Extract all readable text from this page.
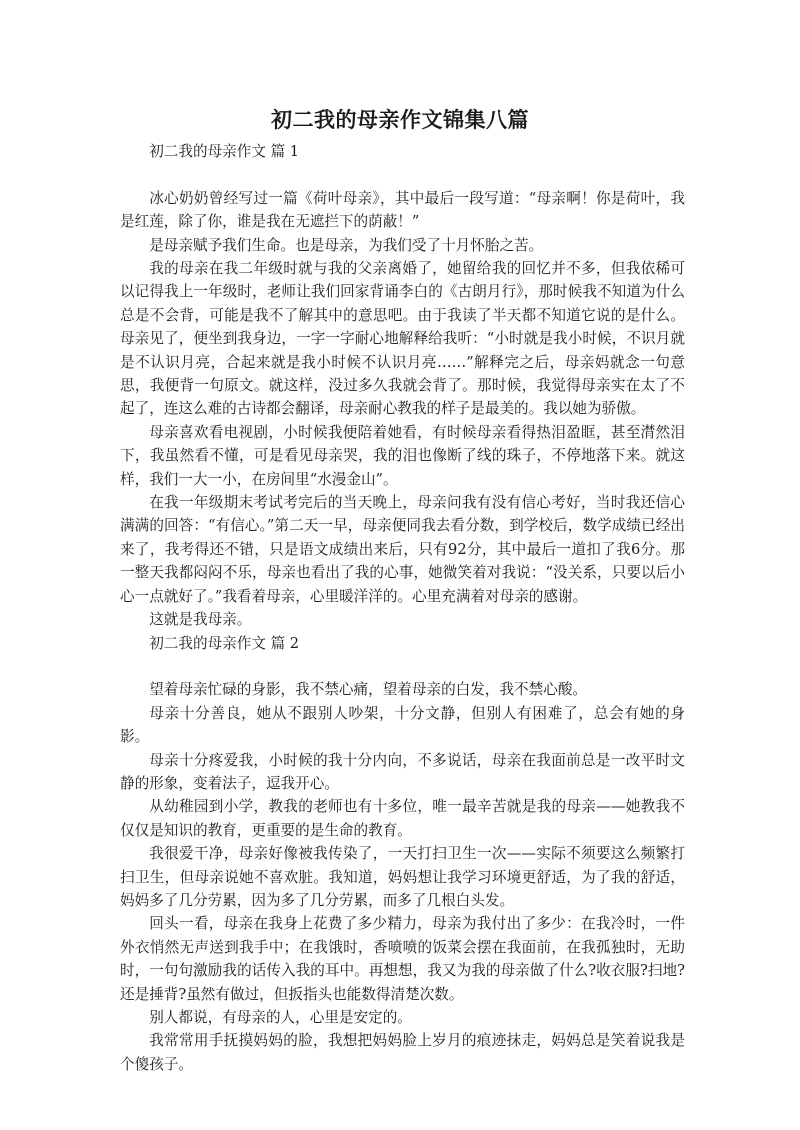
初二我的母亲作文锦集八篇

初二我的母亲作文 篇 1

冰心奶奶曾经写过一篇《荷叶母亲》，其中最后一段写道：“母亲啊！你是荷叶，我是红莲，除了你，谁是我在无遮拦下的荫蔽！”

是母亲赋予我们生命。也是母亲，为我们受了十月怀胎之苦。

我的母亲在我二年级时就与我的父亲离婚了，她留给我的回忆并不多，但我依稀可以记得我上一年级时，老师让我们回家背诵李白的《古朗月行》，那时候我不知道为什么总是不会背，可能是我不了解其中的意思吧。由于我读了半天都不知道它说的是什么。母亲见了，便坐到我身边，一字一字耐心地解释给我听：“小时就是我小时候，不识月就是不认识月亮，合起来就是我小时候不认识月亮……”解释完之后，母亲妈就念一句意思，我便背一句原文。就这样，没过多久我就会背了。那时候，我觉得母亲实在太了不起了，连这么难的古诗都会翻译，母亲耐心教我的样子是最美的。我以她为骄傲。

母亲喜欢看电视剧，小时候我便陪着她看，有时候母亲看得热泪盈眶，甚至潸然泪下，我虽然看不懂，可是看见母亲哭，我的泪也像断了线的珠子，不停地落下来。就这样，我们一大一小，在房间里“水漫金山”。

在我一年级期末考试考完后的当天晚上，母亲问我有没有信心考好，当时我还信心满满的回答：“有信心。”第二天一早，母亲便同我去看分数，到学校后，数学成绩已经出来了，我考得还不错，只是语文成绩出来后，只有92分，其中最后一道扣了我6分。那一整天我都闷闷不乐，母亲也看出了我的心事，她微笑着对我说：“没关系，只要以后小心一点就好了。”我看着母亲，心里暖洋洋的。心里充满着对母亲的感谢。

这就是我母亲。

初二我的母亲作文 篇 2

望着母亲忙碌的身影，我不禁心痛，望着母亲的白发，我不禁心酸。

母亲十分善良，她从不跟别人吵架，十分文静，但别人有困难了，总会有她的身影。

母亲十分疼爱我，小时候的我十分内向，不多说话，母亲在我面前总是一改平时文静的形象，变着法子，逗我开心。

从幼稚园到小学，教我的老师也有十多位，唯一最辛苦就是我的母亲——她教我不仅仅是知识的教育，更重要的是生命的教育。

我很爱干净，母亲好像被我传染了，一天打扫卫生一次——实际不须要这么频繁打扫卫生，但母亲说她不喜欢脏。我知道，妈妈想让我学习环境更舒适，为了我的舒适，妈妈多了几分劳累，因为多了几分劳累，而多了几根白头发。

回头一看，母亲在我身上花费了多少精力，母亲为我付出了多少：在我冷时，一件外衣悄然无声送到我手中；在我饿时，香喷喷的饭菜会摆在我面前，在我孤独时，无助时，一句句激励我的话传入我的耳中。再想想，我又为我的母亲做了什么?收衣服?扫地?还是捶背?虽然有做过，但扳指头也能数得清楚次数。

别人都说，有母亲的人，心里是安定的。

我常常用手抚摸妈妈的脸，我想把妈妈脸上岁月的痕迹抹走，妈妈总是笑着说我是个傻孩子。
